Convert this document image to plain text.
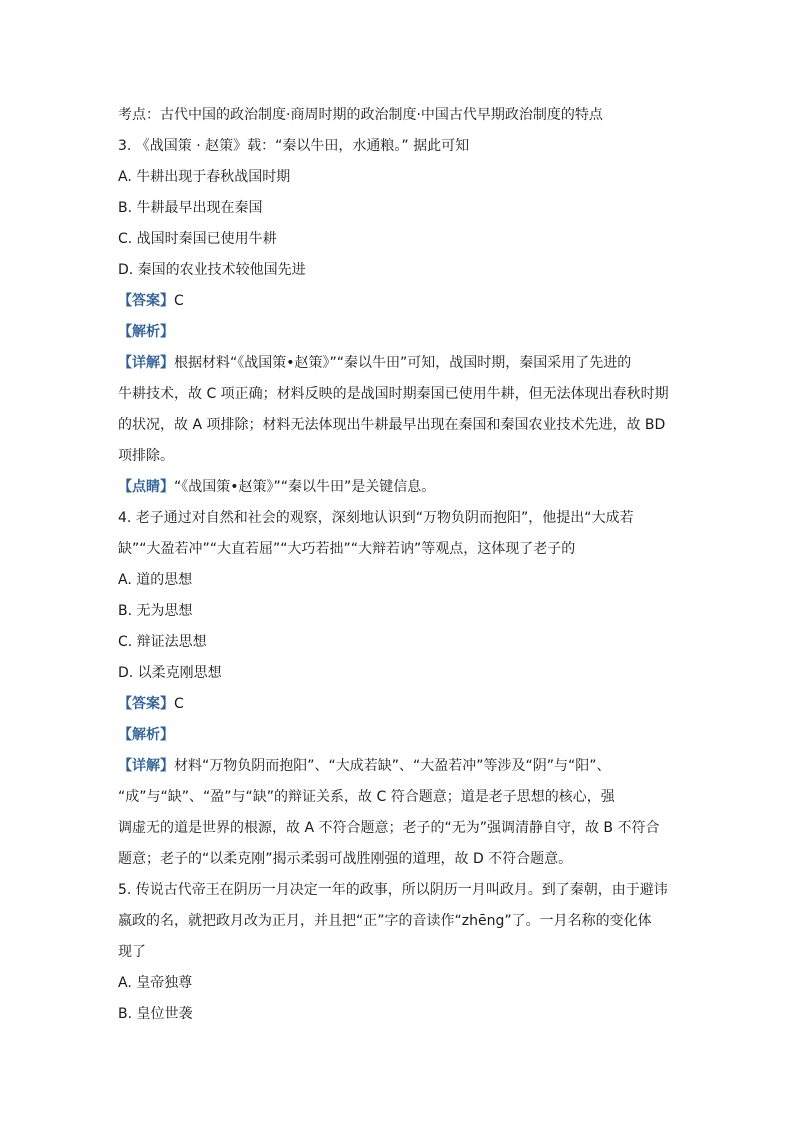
考点：古代中国的政治制度·商周时期的政治制度·中国古代早期政治制度的特点
3. 《战国策 · 赵策》载：“秦以牛田，水通粮。” 据此可知
A. 牛耕出现于春秋战国时期
B. 牛耕最早出现在秦国
C. 战国时秦国已使用牛耕
D. 秦国的农业技术较他国先进
【答案】C
【解析】
【详解】根据材料“《战国策•赵策》”“秦以牛田”可知，战国时期，秦国采用了先进的
牛耕技术，故 C 项正确；材料反映的是战国时期秦国已使用牛耕，但无法体现出春秋时期
的状况，故 A 项排除；材料无法体现出牛耕最早出现在秦国和秦国农业技术先进，故 BD
项排除。
【点睛】“《战国策•赵策》”“秦以牛田”是关键信息。
4. 老子通过对自然和社会的观察，深刻地认识到“万物负阴而抱阳”，他提出“大成若
缺”“大盈若冲”“大直若屈”“大巧若拙”“大辩若讷”等观点，这体现了老子的
A. 道的思想
B. 无为思想
C. 辩证法思想
D. 以柔克刚思想
【答案】C
【解析】
【详解】材料“万物负阴而抱阳”、“大成若缺”、“大盈若冲”等涉及“阴”与“阳”、
“成”与“缺”、“盈”与“缺”的辩证关系，故 C 符合题意；道是老子思想的核心，强
调虚无的道是世界的根源，故 A 不符合题意；老子的“无为”强调清静自守，故 B 不符合
题意；老子的“以柔克刚”揭示柔弱可战胜刚强的道理，故 D 不符合题意。
5. 传说古代帝王在阴历一月决定一年的政事，所以阴历一月叫政月。到了秦朝，由于避讳
嬴政的名，就把政月改为正月，并且把“正”字的音读作“zhēng”了。一月名称的变化体
现了
A. 皇帝独尊
B. 皇位世袭
